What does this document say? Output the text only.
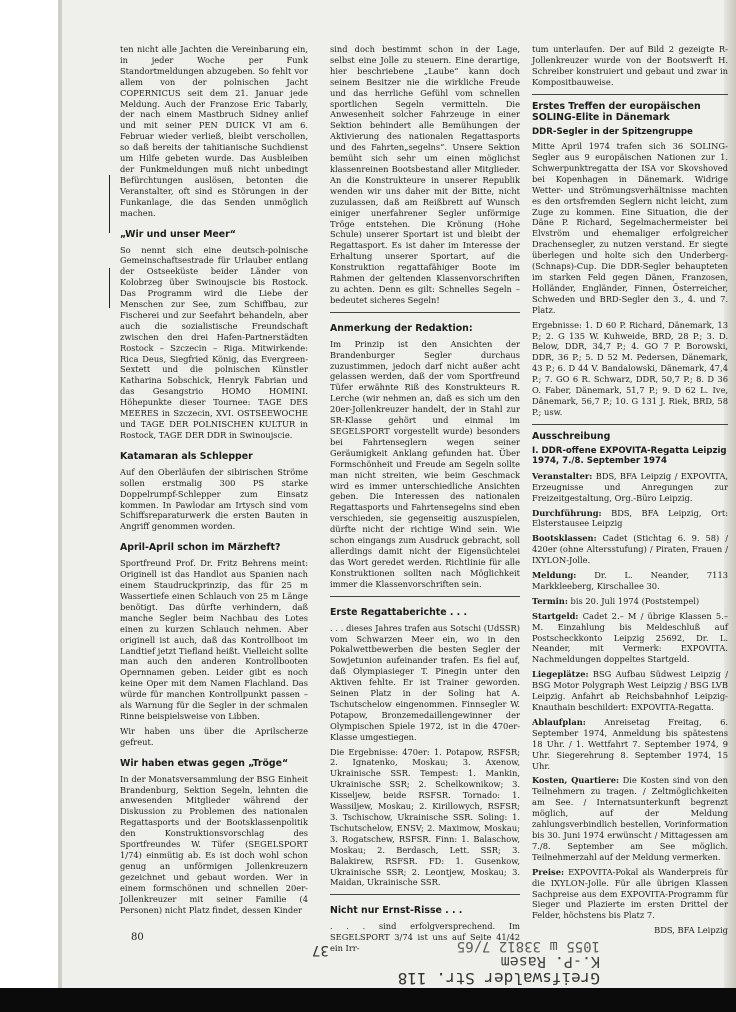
ten nicht alle Jachten die Vereinbarung ein, in jeder Woche per Funk Standortmeldungen abzugeben. So fehlt vor allem von der polnischen Jacht COPERNICUS seit dem 21. Januar jede Meldung. Auch der Franzose Eric Tabarly, der nach einem Mastbruch Sidney anlief und mit seiner PEN DUICK VI am 6. Februar wieder verließ, bleibt verschollen, so daß bereits der tahitianische Suchdienst um Hilfe gebeten wurde. Das Ausbleiben der Funkmeldungen muß nicht unbedingt Befürchtungen auslösen, betonten die Veranstalter, oft sind es Störungen in der Funkanlage, die das Senden unmöglich machen.

„Wir und unser Meer“

So nennt sich eine deutsch-polnische Gemeinschaftsestrade für Urlauber entlang der Ostseeküste beider Länder von Kolobrzeg über Swinoujscie bis Rostock. Das Programm wird die Liebe der Menschen zur See, zum Schiffbau, zur Fischerei und zur Seefahrt behandeln, aber auch die sozialistische Freundschaft zwischen den drei Hafen-Partnerstädten Rostock – Szczecin – Riga. Mitwirkende: Rica Deus, Siegfried König, das Evergreen-Sextett und die polnischen Künstler Katharina Sobschick, Henryk Fabrian und das Gesangstrio HOMO HOMINI. Höhepunkte dieser Tournee: TAGE DES MEERES in Szczecin, XVI. OSTSEEWOCHE und TAGE DER POLNISCHEN KULTUR in Rostock, TAGE DER DDR in Swinoujscie.

Katamaran als Schlepper

Auf den Oberläufen der sibirischen Ströme sollen erstmalig 300 PS starke Doppelrumpf-Schlepper zum Einsatz kommen. In Pawlodar am Irtysch sind vom Schiffsreparaturwerk die ersten Bauten in Angriff genommen worden.

April-April schon im Märzheft?

Sportfreund Prof. Dr. Fritz Behrens meint: Originell ist das Handlot aus Spanien nach einem Staudruckprinzip, das für 25 m Wassertiefe einen Schlauch von 25 m Länge benötigt. Das dürfte verhindern, daß manche Segler beim Nachbau des Lotes einen zu kurzen Schlauch nehmen. Aber originell ist auch, daß das Kontrollboot im Landtief jetzt Tiefland heißt. Vielleicht sollte man auch den anderen Kontrollbooten Opernnamen geben. Leider gibt es noch keine Oper mit dem Namen Flachland. Das würde für manchen Kontrollpunkt passen – als Warnung für die Segler in der schmalen Rinne beispielsweise von Libben.

Wir haben uns über die Aprilscherze gefreut.

Wir haben etwas gegen „Tröge“

In der Monatsversammlung der BSG Einheit Brandenburg, Sektion Segeln, lehnten die anwesenden Mitglieder während der Diskussion zu Problemen des nationalen Regattasports und der Bootsklassenpolitik den Konstruktionsvorschlag des Sportfreundes W. Tüfer (SEGELSPORT 1/74) einmütig ab. Es ist doch wohl schon genug an unförmigen Jollenkreuzern gezeichnet und gebaut worden. Wer in einem formschönen und schnellen 20er-Jollenkreuzer mit seiner Familie (4 Personen) nicht Platz findet, dessen Kinder

sind doch bestimmt schon in der Lage, selbst eine Jolle zu steuern. Eine derartige, hier beschriebene „Laube“ kann doch seinem Besitzer nie die wirkliche Freude und das herrliche Gefühl vom schnellen sportlichen Segeln vermitteln. Die Anwesenheit solcher Fahrzeuge in einer Sektion behindert alle Bemühungen der Aktivierung des nationalen Regattasports und des Fahrten„segelns“. Unsere Sektion bemüht sich sehr um einen möglichst klassenreinen Bootsbestand aller Mitglieder. An die Konstrukteure in unserer Republik wenden wir uns daher mit der Bitte, nicht zuzulassen, daß am Reißbrett auf Wunsch einiger unerfahrener Segler unförmige Tröge entstehen. Die Krönung (Hohe Schule) unserer Sportart ist und bleibt der Regattasport. Es ist daher im Interesse der Erhaltung unserer Sportart, auf die Konstruktion regattafähiger Boote im Rahmen der geltenden Klassenvorschriften zu achten. Denn es gilt: Schnelles Segeln – bedeutet sicheres Segeln!

Anmerkung der Redaktion:

Im Prinzip ist den Ansichten der Brandenburger Segler durchaus zuzustimmen, jedoch darf nicht außer acht gelassen werden, daß der vom Sportfreund Tüfer erwähnte Riß des Konstrukteurs R. Lerche (wir nehmen an, daß es sich um den 20er-Jollenkreuzer handelt, der in Stahl zur SR-Klasse gehört und einmal im SEGELSPORT vorgestellt wurde) besonders bei Fahrtenseglern wegen seiner Geräumigkeit Anklang gefunden hat. Über Formschönheit und Freude am Segeln sollte man nicht streiten, wie beim Geschmack wird es immer unterschiedliche Ansichten geben. Die Interessen des nationalen Regattasports und Fahrtensegelns sind eben verschieden, sie gegenseitig auszuspielen, dürfte nicht der richtige Wind sein. Wie schon eingangs zum Ausdruck gebracht, soll allerdings damit nicht der Eigensüchtelei das Wort geredet werden. Richtlinie für alle Konstruktionen sollten nach Möglichkeit immer die Klassenvorschriften sein.

Erste Regattaberichte . . .

. . . dieses Jahres trafen aus Sotschi (UdSSR) vom Schwarzen Meer ein, wo in den Pokalwettbewerben die besten Segler der Sowjetunion aufeinander trafen. Es fiel auf, daß Olympiasieger T. Pinegin unter den Aktiven fehlte. Er ist Trainer geworden. Seinen Platz in der Soling hat A. Tschutschelow eingenommen. Finnsegler W. Potapow, Bronzemedaillengewinner der Olympischen Spiele 1972, ist in die 470er-Klasse umgestiegen.

Die Ergebnisse: 470er: 1. Potapow, RSFSR; 2. Ignatenko, Moskau; 3. Axenow, Ukrainische SSR. Tempest: 1. Mankin, Ukrainische SSR; 2. Schelkownikow; 3. Kisseljew, beide RSFSR. Tornado: 1. Wassiljew, Moskau; 2. Kirillowych, RSFSR; 3. Tschischow, Ukrainische SSR. Soling: 1. Tschutschelow, ENSV; 2. Maximow, Moskau; 3. Rogatschew, RSFSR. Finn: 1. Balaschow, Moskau; 2. Berdasch, Lett. SSR; 3. Balakirew, RSFSR. FD: 1. Gusenkow, Ukrainische SSR; 2. Leontjew, Moskau; 3. Maidan, Ukrainische SSR.

Nicht nur Ernst-Risse . . .

. . . sind erfolgversprechend. Im SEGELSPORT 3/74 ist uns auf Seite 41/42 ein Irr-

tum unterlaufen. Der auf Bild 2 gezeigte R-Jollenkreuzer wurde von der Bootswerft H. Schreiber konstruiert und gebaut und zwar in Kompositbauweise.

Erstes Treffen der europäischen SOLING-Elite in Dänemark
DDR-Segler in der Spitzengruppe

Mitte April 1974 trafen sich 36 SOLING-Segler aus 9 europäischen Nationen zur 1. Schwerpunktregatta der ISA vor Skovshoved bei Kopenhagen in Dänemark. Widrige Wetter- und Strömungsverhältnisse machten es den ortsfremden Seglern nicht leicht, zum Zuge zu kommen. Eine Situation, die der Däne P. Richard, Segelmachermeister bei Elvström und ehemaliger erfolgreicher Drachensegler, zu nutzen verstand. Er siegte überlegen und holte sich den Underberg-(Schnaps)-Cup. Die DDR-Segler behaupteten im starken Feld gegen Dänen, Franzosen, Holländer, Engländer, Finnen, Österreicher, Schweden und BRD-Segler den 3., 4. und 7. Platz.

Ergebnisse: 1. D 60 P. Richard, Dänemark, 13 P.; 2. G 135 W. Kuhweide, BRD, 28 P.; 3. D. Below, DDR, 34,7 P.; 4. GO 7 P. Borowski, DDR, 36 P.; 5. D 52 M. Pedersen, Dänemark, 43 P.; 6. D 44 V. Bandalowski, Dänemark, 47,4 P.; 7. GO 6 R. Schwarz, DDR, 50,7 P.; 8. D 36 O. Faber, Dänemark, 51,7 P.; 9. D 62 L. Ive, Dänemark, 56,7 P.; 10. G 131 J. Riek, BRD, 58 P.; usw.

Ausschreibung
I. DDR-offene EXPOVITA-Regatta Leipzig 1974, 7./8. September 1974

Veranstalter: BDS, BFA Leipzig / EXPOVITA, Erzeugnisse und Anregungen zur Freizeitgestaltung, Org.-Büro Leipzig.

Durchführung: BDS, BFA Leipzig, Ort: Elsterstausee Leipzig

Bootsklassen: Cadet (Stichtag 6. 9. 58) / 420er (ohne Altersstufung) / Piraten, Frauen / IXYLON-Jolle.

Meldung: Dr. L. Neander, 7113 Markkleeberg, Kirschallee 30.

Termin: bis 20. Juli 1974 (Poststempel)

Startgeld: Cadet 2.– M / übrige Klassen 5.– M. Einzahlung bis Meldeschluß auf Postscheckkonto Leipzig 25692, Dr. L. Neander, mit Vermerk: EXPOVITA. Nachmeldungen doppeltes Startgeld.

Liegeplätze: BSG Aufbau Südwest Leipzig / BSG Motor Polygraph West Leipzig / BSG LVB Leipzig. Anfahrt ab Reichsbahnhof Leipzig-Knauthain beschildert: EXPOVITA-Regatta.

Ablaufplan: Anreisetag Freitag, 6. September 1974, Anmeldung bis spätestens 18 Uhr. / 1. Wettfahrt 7. September 1974, 9 Uhr. Siegerehrung 8. September 1974, 15 Uhr.

Kosten, Quartiere: Die Kosten sind von den Teilnehmern zu tragen. / Zeltmöglichkeiten am See. / Internatsunterkunft begrenzt möglich, auf der Meldung zahlungsverbindlich bestellen, Vorinformation bis 30. Juni 1974 erwünscht / Mittagessen am 7./8. September am See möglich. Teilnehmerzahl auf der Meldung vermerken.

Preise: EXPOVITA-Pokal als Wanderpreis für die IXYLON-Jolle. Für alle übrigen Klassen Sachpreise aus dem EXPOVITA-Programm für Sieger und Plazierte im ersten Drittel der Felder, höchstens bis Platz 7.

BDS, BFA Leipzig

80
Greifswalder Str. 118
K.-P. Rasem
1055 ш 33812 7/65
37
